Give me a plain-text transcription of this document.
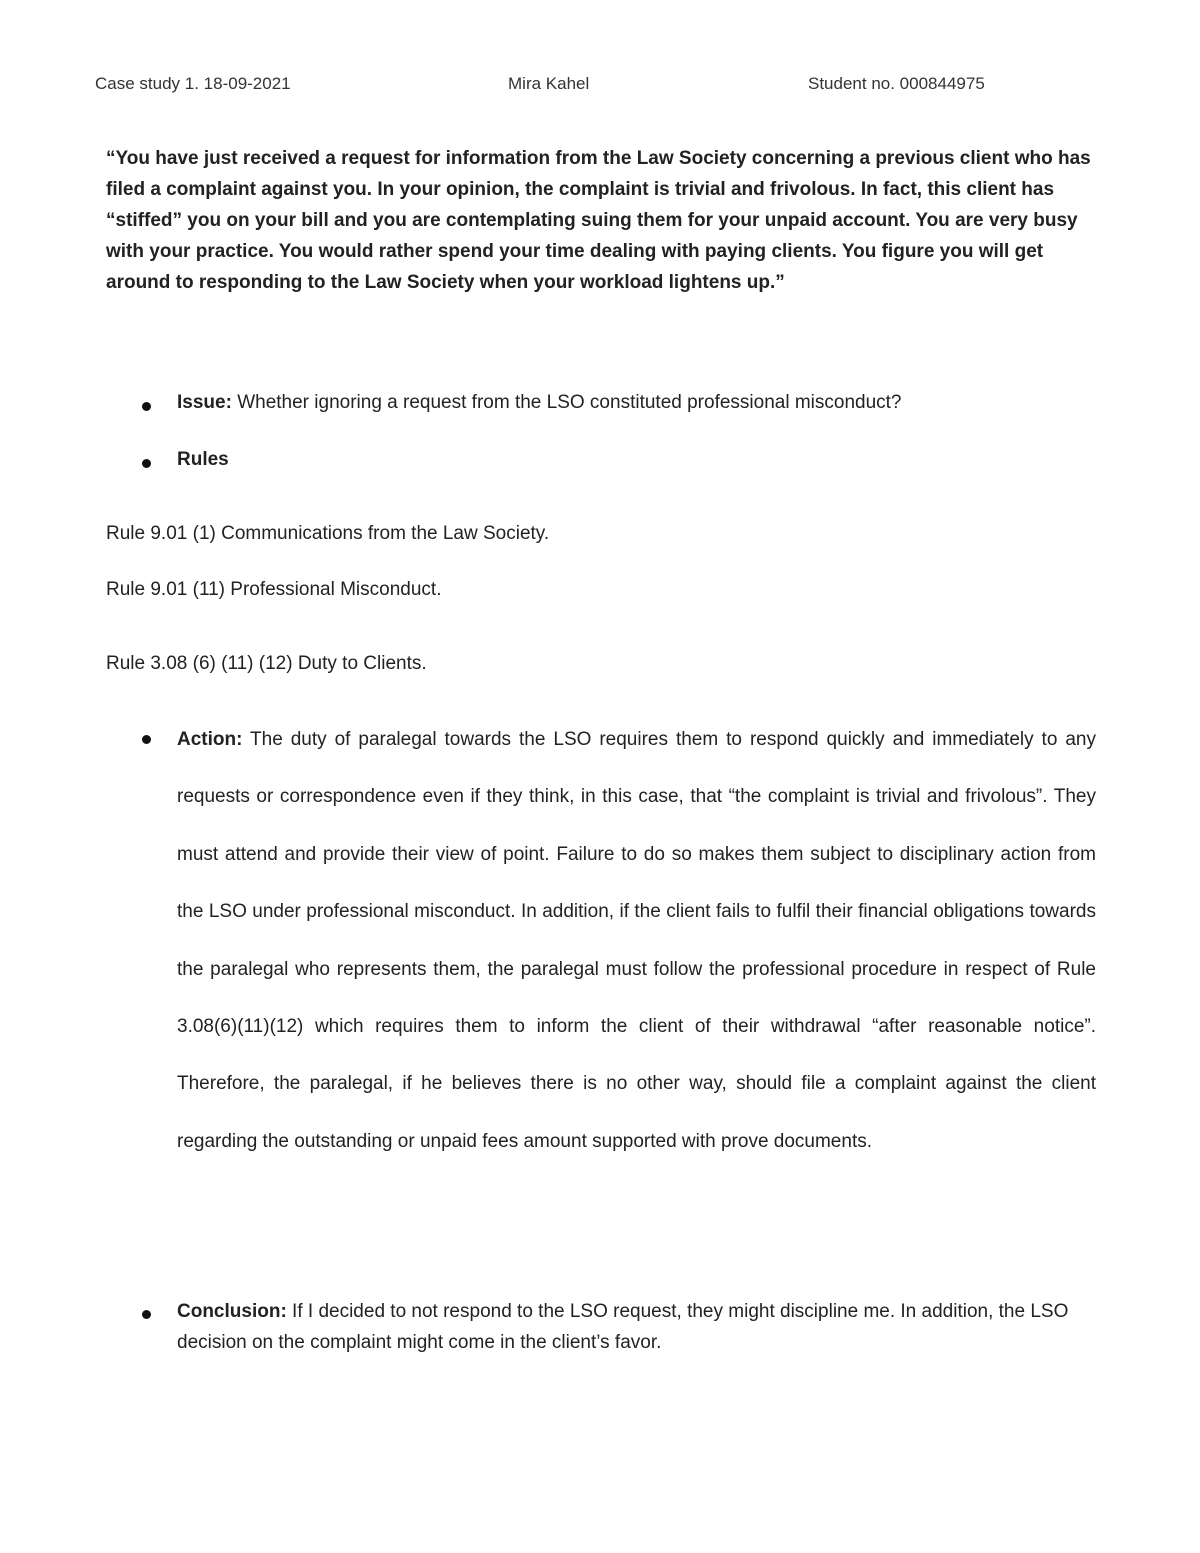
Case study 1. 18-09-2021	Mira Kahel	Student no. 000844975
“You have just received a request for information from the Law Society concerning a previous client who has filed a complaint against you. In your opinion, the complaint is trivial and frivolous. In fact, this client has “stiffed” you on your bill and you are contemplating suing them for your unpaid account. You are very busy with your practice. You would rather spend your time dealing with paying clients. You figure you will get around to responding to the Law Society when your workload lightens up.”
Issue: Whether ignoring a request from the LSO constituted professional misconduct?
Rules
Rule 9.01 (1) Communications from the Law Society.
Rule 9.01 (11) Professional Misconduct.
Rule 3.08 (6) (11) (12) Duty to Clients.
Action: The duty of paralegal towards the LSO requires them to respond quickly and immediately to any requests or correspondence even if they think, in this case, that “the complaint is trivial and frivolous”. They must attend and provide their view of point. Failure to do so makes them subject to disciplinary action from the LSO under professional misconduct. In addition, if the client fails to fulfil their financial obligations towards the paralegal who represents them, the paralegal must follow the professional procedure in respect of Rule 3.08(6)(11)(12) which requires them to inform the client of their withdrawal “after reasonable notice”. Therefore, the paralegal, if he believes there is no other way, should file a complaint against the client regarding the outstanding or unpaid fees amount supported with prove documents.
Conclusion: If I decided to not respond to the LSO request, they might discipline me. In addition, the LSO decision on the complaint might come in the client’s favor.
